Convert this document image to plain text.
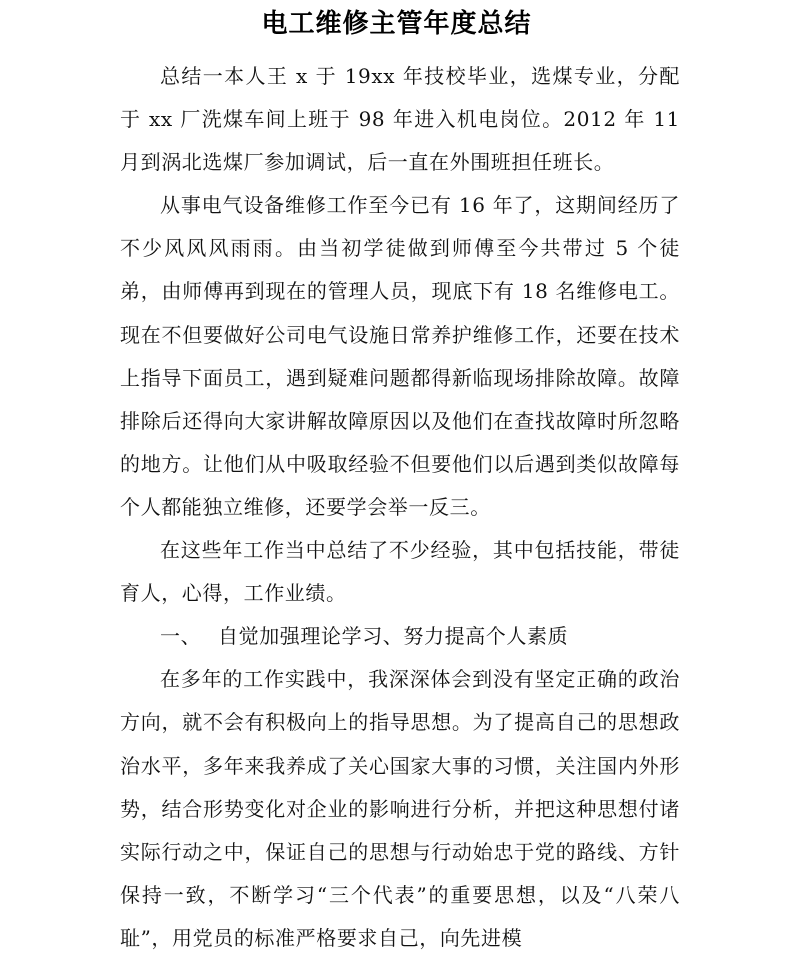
电工维修主管年度总结

总结一本人王 x 于 19xx 年技校毕业，选煤专业，分配于 xx 厂洗煤车间上班于 98 年进入机电岗位。2012 年 11 月到涡北选煤厂参加调试，后一直在外围班担任班长。

从事电气设备维修工作至今已有 16 年了，这期间经历了不少风风风雨雨。由当初学徒做到师傅至今共带过 5 个徒弟，由师傅再到现在的管理人员，现底下有 18 名维修电工。现在不但要做好公司电气设施日常养护维修工作，还要在技术上指导下面员工，遇到疑难问题都得新临现场排除故障。故障排除后还得向大家讲解故障原因以及他们在查找故障时所忽略的地方。让他们从中吸取经验不但要他们以后遇到类似故障每个人都能独立维修，还要学会举一反三。

在这些年工作当中总结了不少经验，其中包括技能，带徒育人，心得，工作业绩。

一、 自觉加强理论学习、努力提高个人素质

在多年的工作实践中，我深深体会到没有坚定正确的政治方向，就不会有积极向上的指导思想。为了提高自己的思想政治水平，多年来我养成了关心国家大事的习惯，关注国内外形势，结合形势变化对企业的影响进行分析，并把这种思想付诸实际行动之中，保证自己的思想与行动始忠于党的路线、方针保持一致，不断学习“三个代表”的重要思想，以及“八荣八耻”，用党员的标准严格要求自己，向先进模
